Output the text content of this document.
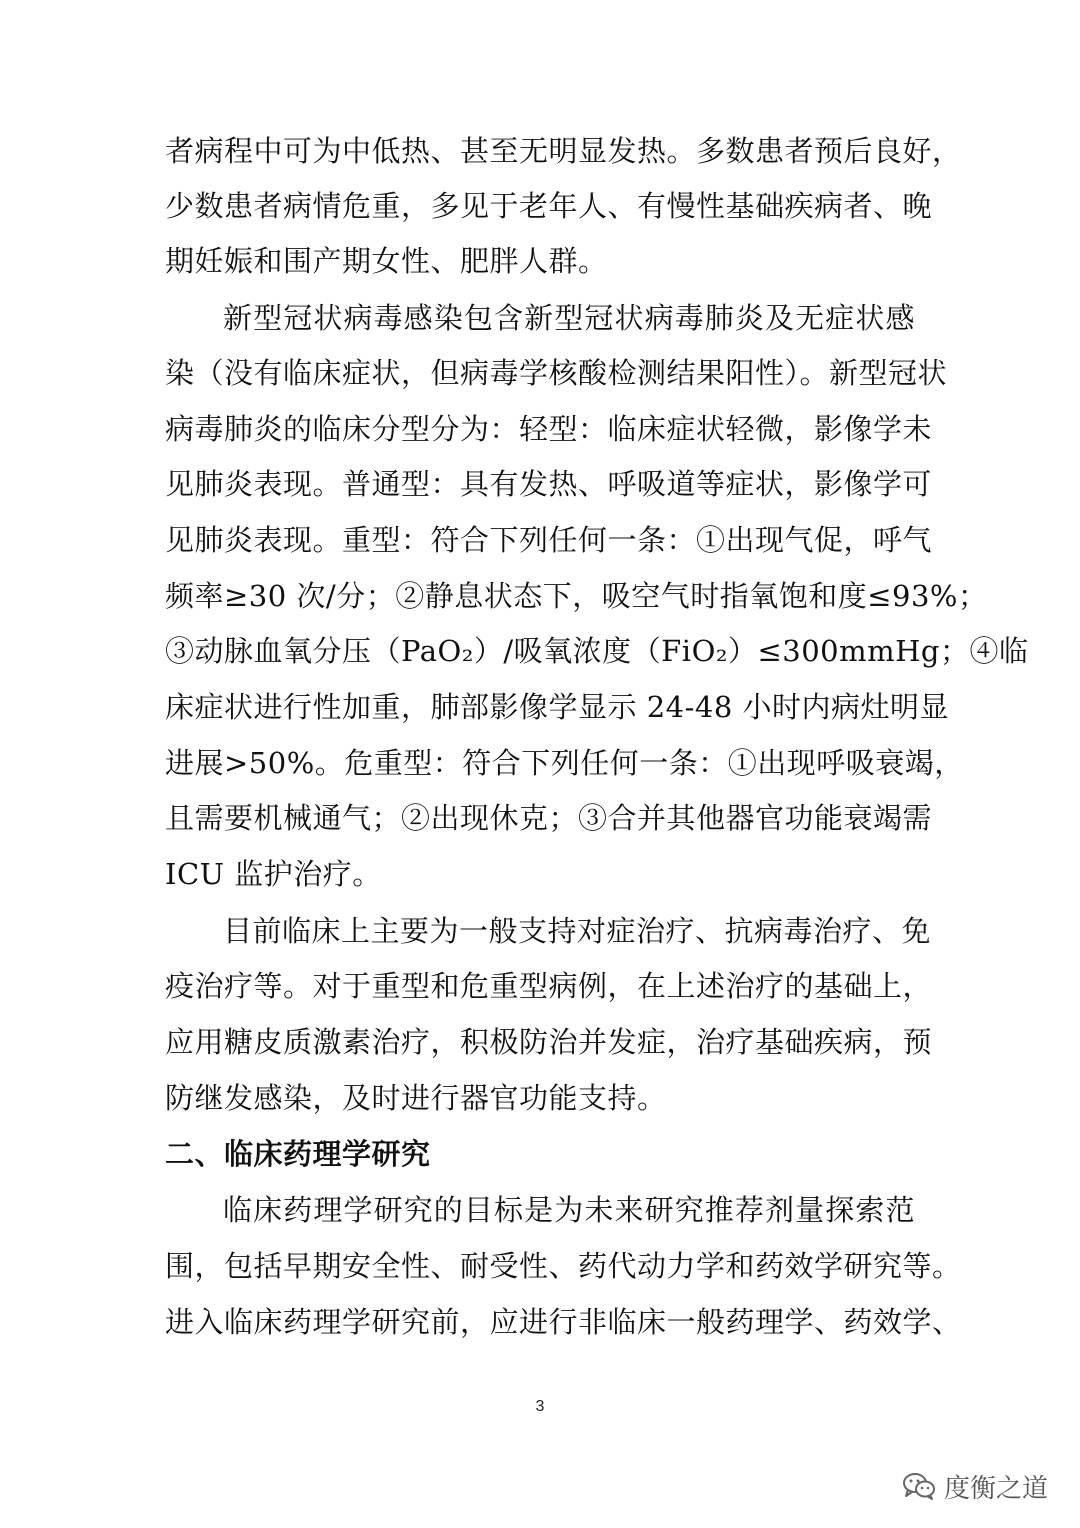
者病程中可为中低热、甚至无明显发热。多数患者预后良好，
少数患者病情危重，多见于老年人、有慢性基础疾病者、晚
期妊娠和围产期女性、肥胖人群。
新型冠状病毒感染包含新型冠状病毒肺炎及无症状感
染（没有临床症状，但病毒学核酸检测结果阳性）。新型冠状
病毒肺炎的临床分型分为：轻型：临床症状轻微，影像学未
见肺炎表现。普通型：具有发热、呼吸道等症状，影像学可
见肺炎表现。重型：符合下列任何一条：①出现气促，呼气
频率≥30 次/分；②静息状态下，吸空气时指氧饱和度≤93%；
③动脉血氧分压（PaO₂）/吸氧浓度（FiO₂）≤300mmHg；④临
床症状进行性加重，肺部影像学显示 24-48 小时内病灶明显
进展>50%。危重型：符合下列任何一条：①出现呼吸衰竭，
且需要机械通气；②出现休克；③合并其他器官功能衰竭需
ICU 监护治疗。
目前临床上主要为一般支持对症治疗、抗病毒治疗、免
疫治疗等。对于重型和危重型病例，在上述治疗的基础上，
应用糖皮质激素治疗，积极防治并发症，治疗基础疾病，预
防继发感染，及时进行器官功能支持。
二、临床药理学研究
临床药理学研究的目标是为未来研究推荐剂量探索范
围，包括早期安全性、耐受性、药代动力学和药效学研究等。
进入临床药理学研究前，应进行非临床一般药理学、药效学、
3
度衡之道
